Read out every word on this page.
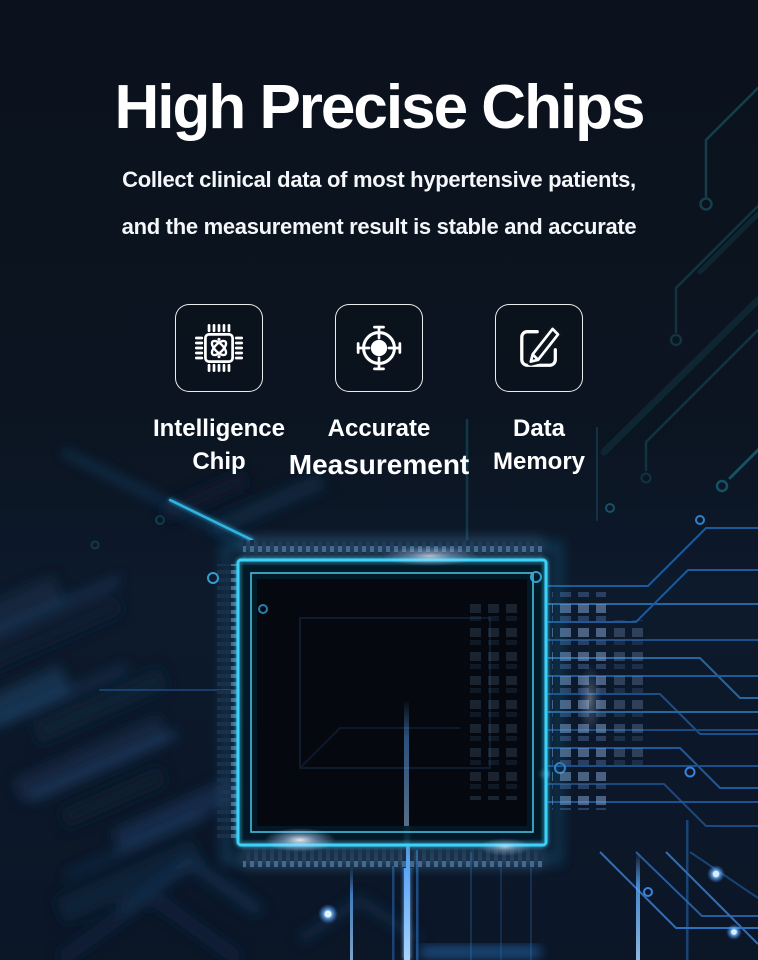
High Precise Chips

Collect clinical data of most hypertensive patients,

and the measurement result is stable and accurate

Intelligence
Chip
Accurate
Measurement
Data
Memory
